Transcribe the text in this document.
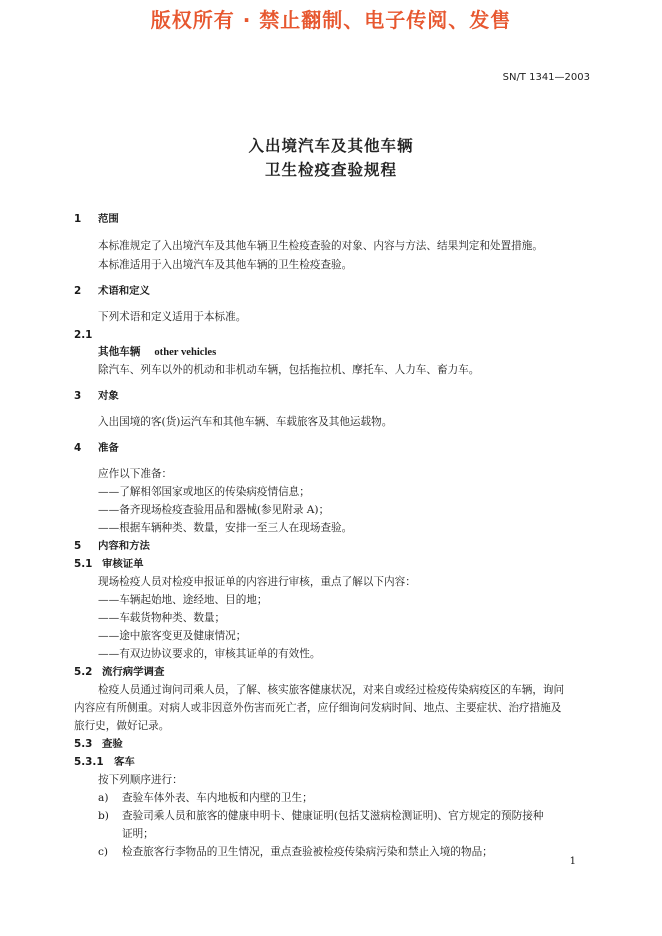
版权所有 · 禁止翻制、电子传阅、发售
SN/T 1341—2003
入出境汽车及其他车辆
卫生检疫查验规程
1 范围
本标准规定了入出境汽车及其他车辆卫生检疫查验的对象、内容与方法、结果判定和处置措施。
本标准适用于入出境汽车及其他车辆的卫生检疫查验。
2 术语和定义
下列术语和定义适用于本标准。
2.1
其他车辆 other vehicles
除汽车、列车以外的机动和非机动车辆，包括拖拉机、摩托车、人力车、畜力车。
3 对象
入出国境的客(货)运汽车和其他车辆、车载旅客及其他运载物。
4 准备
应作以下准备：
——了解相邻国家或地区的传染病疫情信息；
——备齐现场检疫查验用品和器械(参见附录 A)；
——根据车辆种类、数量，安排一至三人在现场查验。
5 内容和方法
5.1 审核证单
现场检疫人员对检疫申报证单的内容进行审核，重点了解以下内容：
——车辆起始地、途经地、目的地；
——车载货物种类、数量；
——途中旅客变更及健康情况；
——有双边协议要求的，审核其证单的有效性。
5.2 流行病学调查
检疫人员通过询问司乘人员，了解、核实旅客健康状况，对来自或经过检疫传染病疫区的车辆，询问
内容应有所侧重。对病人或非因意外伤害而死亡者，应仔细询问发病时间、地点、主要症状、治疗措施及
旅行史，做好记录。
5.3 查验
5.3.1 客车
按下列顺序进行：
a) 查验车体外表、车内地板和内壁的卫生；
b) 查验司乘人员和旅客的健康申明卡、健康证明(包括艾滋病检测证明)、官方规定的预防接种
证明；
c) 检查旅客行李物品的卫生情况，重点查验被检疫传染病污染和禁止入境的物品；
1
